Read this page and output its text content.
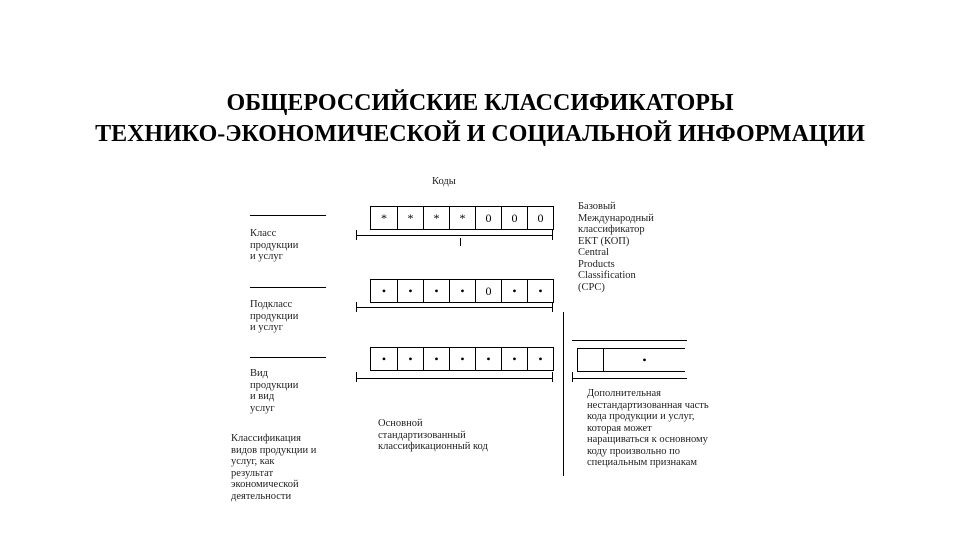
ОБЩЕРОССИЙСКИЕ КЛАССИФИКАТОРЫ
ТЕХНИКО-ЭКОНОМИЧЕСКОЙ И СОЦИАЛЬНОЙ ИНФОРМАЦИИ
Коды
Класс
продукции
и услуг
*	*	*	*	0	0	0
Базовый
Международный
классификатор
ЕКТ (КОП)
Central
Products
Classification
(CPC)
Подкласс
продукции
и услуг
•	•	•	•	0	•	•
Вид
продукции
и вид
услуг
•	•	•	•	•	•	•	•
Основной
стандартизованный
классификационный код
Классификация
видов продукции и
услуг, как
результат
экономической
деятельности
Дополнительная
нестандартизованная часть
кода продукции и услуг,
которая может
наращиваться к основному
коду произвольно по
специальным признакам
